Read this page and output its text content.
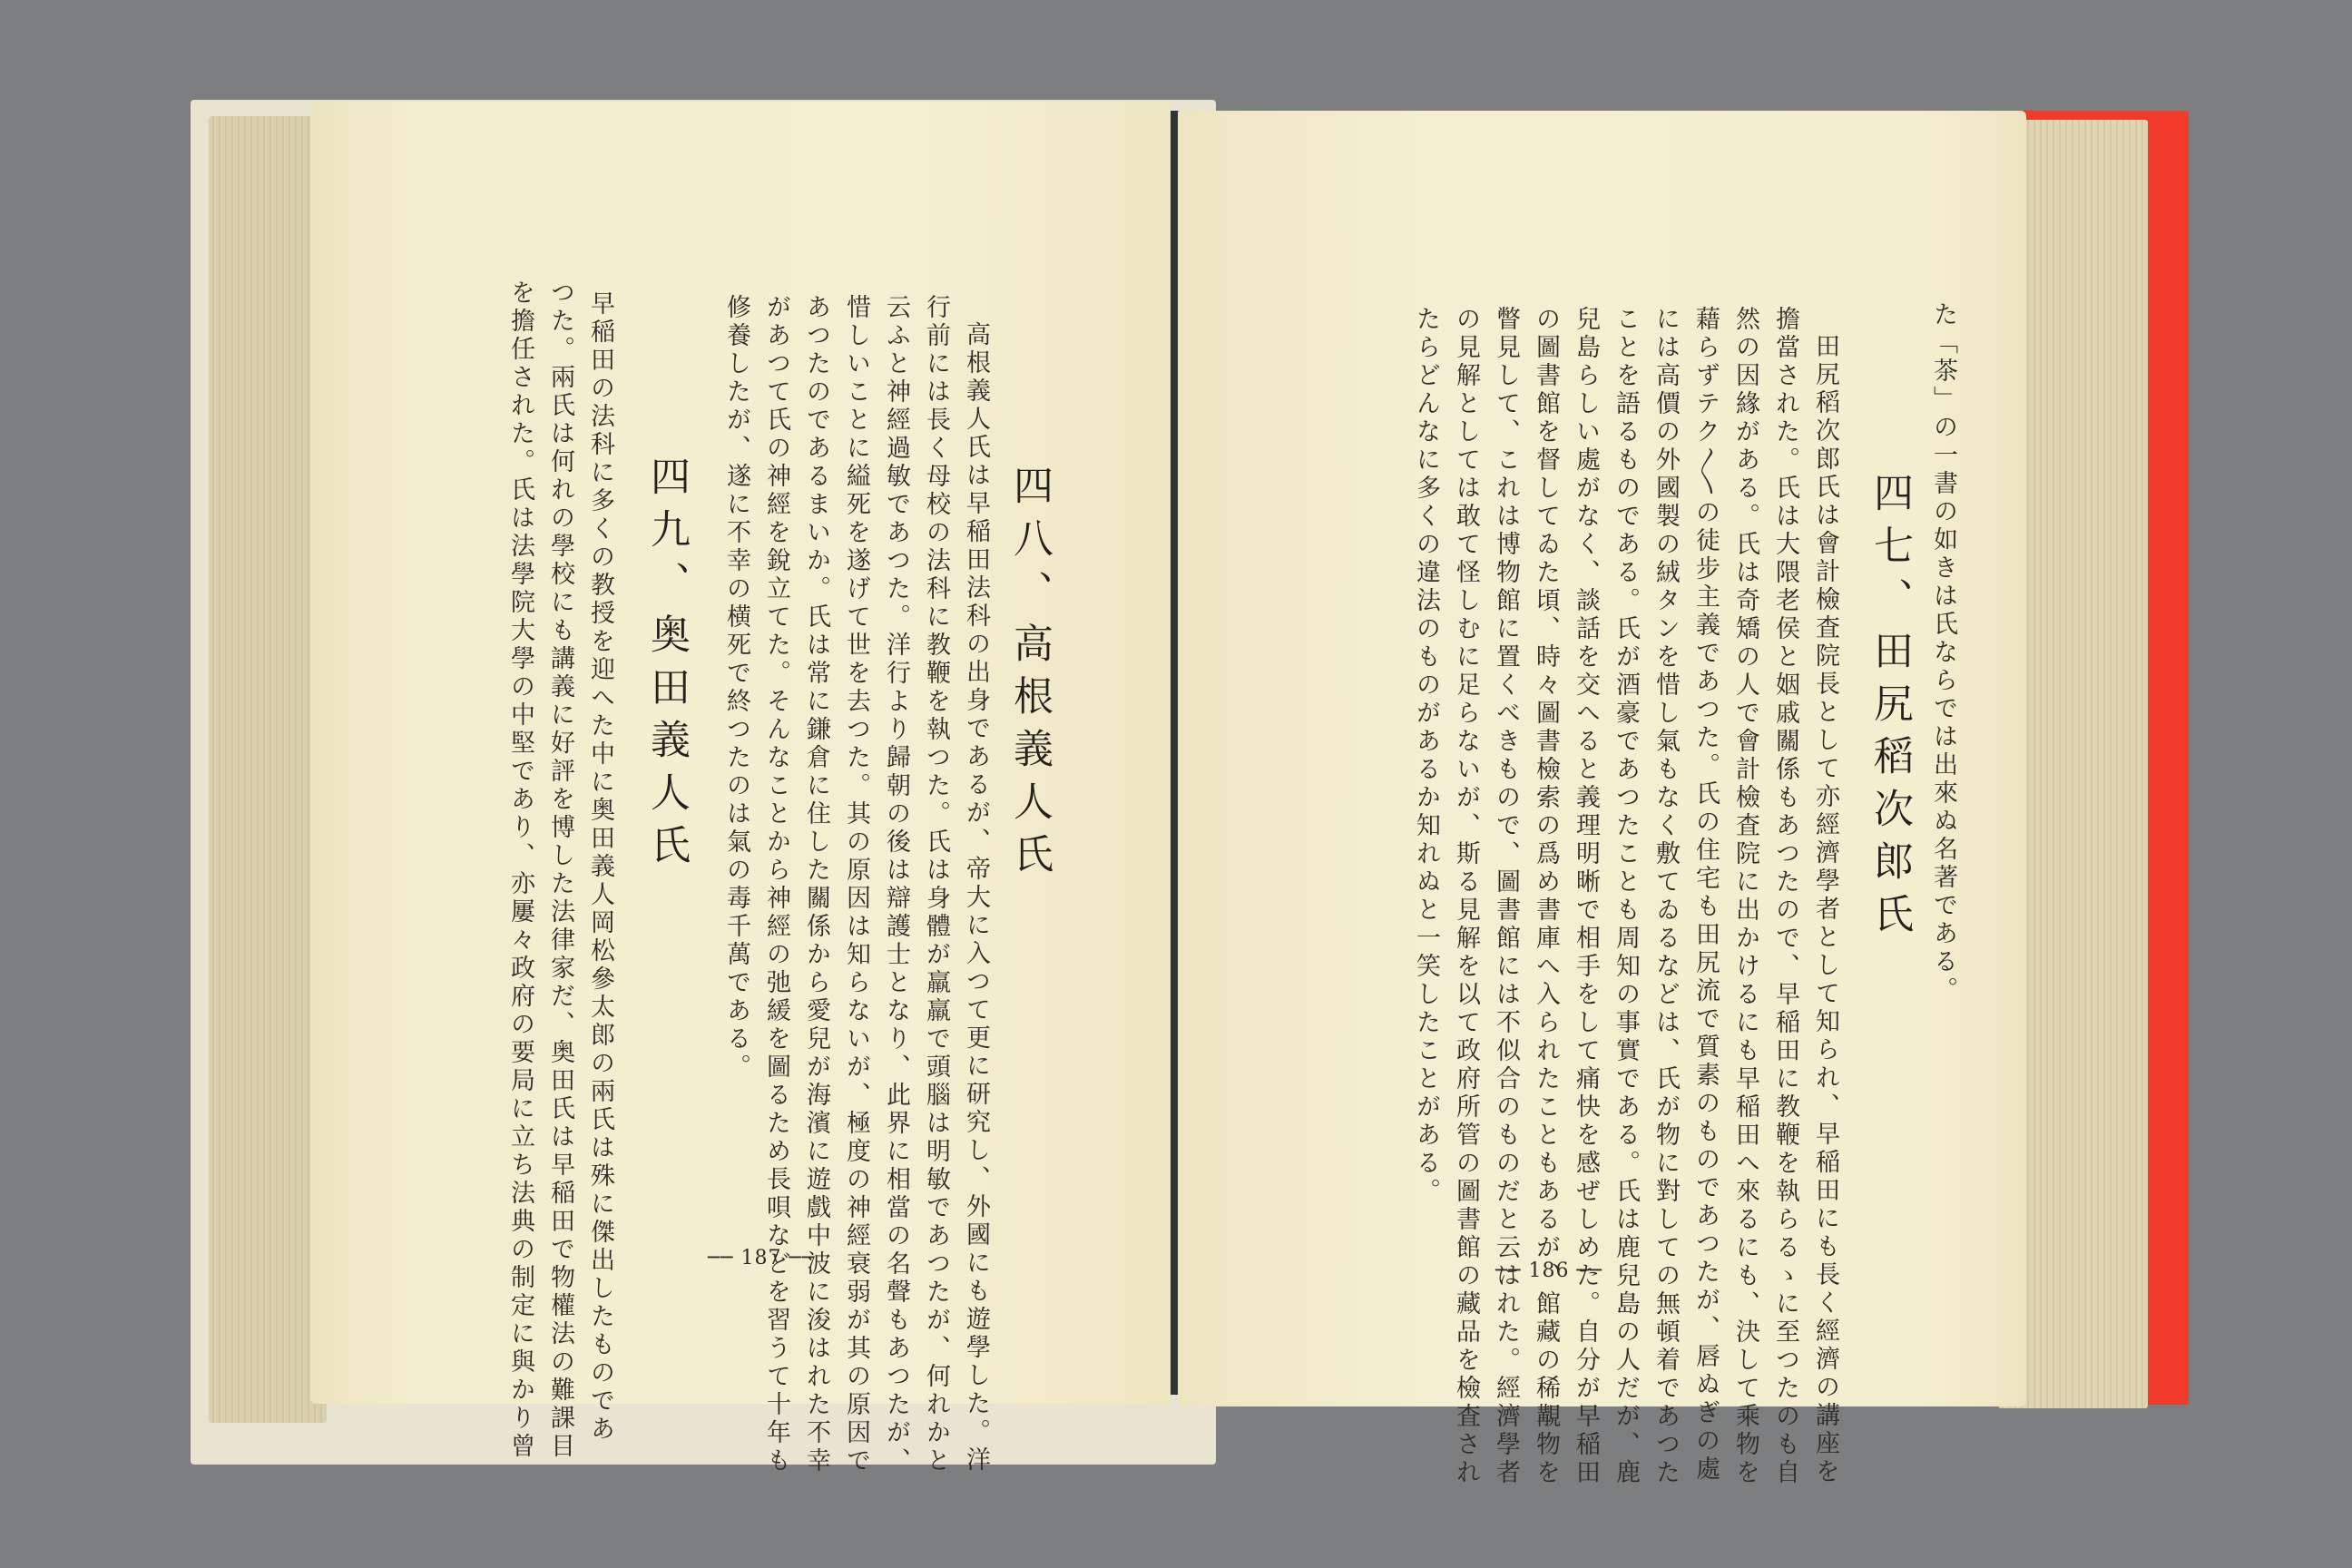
四八、高根義人氏
高根義人氏は早稲田法科の出身であるが、帝大に入つて更に研究し、外國にも遊學した。洋
行前には長く母校の法科に教鞭を執つた。氏は身體が羸羸で頭腦は明敏であつたが、何れかと
云ふと神經過敏であつた。洋行より歸朝の後は辯護士となり、此界に相當の名聲もあつたが、
惜しいことに縊死を遂げて世を去つた。其の原因は知らないが、極度の神經衰弱が其の原因で
あつたのであるまいか。氏は常に鎌倉に住した關係から愛兒が海濱に遊戲中波に浚はれた不幸
があつて氏の神經を銳立てた。そんなことから神經の弛緩を圖るため長唄などを習うて十年も
修養したが、遂に不幸の横死で終つたのは氣の毒千萬である。
四九、奥田義人氏
早稲田の法科に多くの教授を迎へた中に奥田義人岡松參太郎の兩氏は殊に傑出したものであ
つた。兩氏は何れの學校にも講義に好評を博した法律家だ、奥田氏は早稲田で物權法の難課目
を擔任された。氏は法學院大學の中堅であり、亦屢々政府の要局に立ち法典の制定に與かり曾	── 187 ──
た「茶」の一書の如きは氏ならでは出來ぬ名著である。
四七、田尻稻次郎氏
田尻稻次郎氏は會計檢査院長として亦經濟學者として知られ、早稲田にも長く經濟の講座を
擔當された。氏は大隈老侯と姻戚關係もあつたので、早稲田に教鞭を執らるゝに至つたのも自
然の因緣がある。氏は奇矯の人で會計檢査院に出かけるにも早稲田へ來るにも、決して乘物を
藉らずテク〳〵の徒步主義であつた。氏の住宅も田尻流で質素のものであつたが、唇ぬぎの處
には高價の外國製の絨タンを惜し氣もなく敷てゐるなどは、氏が物に對しての無頓着であつた
ことを語るものである。氏が酒豪であつたことも周知の事實である。氏は鹿兒島の人だが、鹿
兒島らしい處がなく、談話を交へると義理明晰で相手をして痛快を感ぜしめた。自分が早稲田
の圖書館を督してゐた頃、時々圖書檢索の爲め書庫へ入られたこともあるが、館藏の稀覯物を
瞥見して、これは博物館に置くべきもので、圖書館には不似合のものだと云はれた。經濟學者
の見解としては敢て怪しむに足らないが、斯る見解を以て政府所管の圖書館の藏品を檢査され
たらどんなに多くの違法のものがあるか知れぬと一笑したことがある。
── 186 ──
